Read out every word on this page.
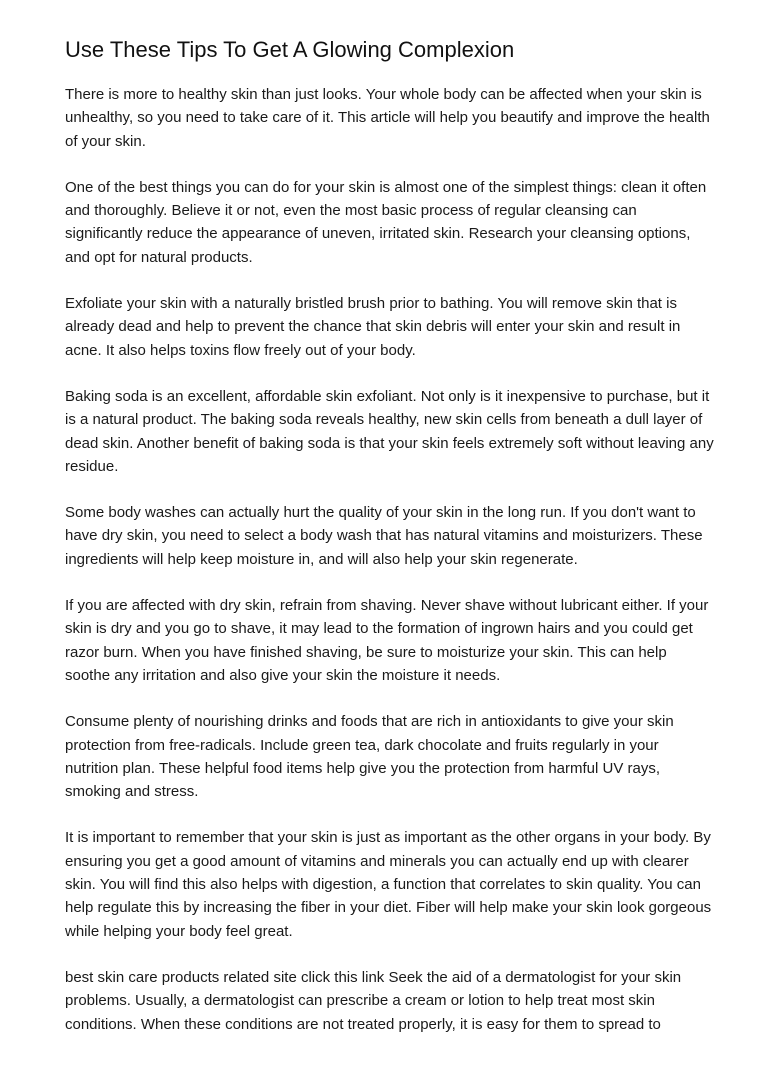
Use These Tips To Get A Glowing Complexion

There is more to healthy skin than just looks. Your whole body can be affected when your skin is unhealthy, so you need to take care of it. This article will help you beautify and improve the health of your skin.

One of the best things you can do for your skin is almost one of the simplest things: clean it often and thoroughly. Believe it or not, even the most basic process of regular cleansing can significantly reduce the appearance of uneven, irritated skin. Research your cleansing options, and opt for natural products.

Exfoliate your skin with a naturally bristled brush prior to bathing. You will remove skin that is already dead and help to prevent the chance that skin debris will enter your skin and result in acne. It also helps toxins flow freely out of your body.

Baking soda is an excellent, affordable skin exfoliant. Not only is it inexpensive to purchase, but it is a natural product. The baking soda reveals healthy, new skin cells from beneath a dull layer of dead skin. Another benefit of baking soda is that your skin feels extremely soft without leaving any residue.

Some body washes can actually hurt the quality of your skin in the long run. If you don't want to have dry skin, you need to select a body wash that has natural vitamins and moisturizers. These ingredients will help keep moisture in, and will also help your skin regenerate.

If you are affected with dry skin, refrain from shaving. Never shave without lubricant either. If your skin is dry and you go to shave, it may lead to the formation of ingrown hairs and you could get razor burn. When you have finished shaving, be sure to moisturize your skin. This can help soothe any irritation and also give your skin the moisture it needs.

Consume plenty of nourishing drinks and foods that are rich in antioxidants to give your skin protection from free-radicals. Include green tea, dark chocolate and fruits regularly in your nutrition plan. These helpful food items help give you the protection from harmful UV rays, smoking and stress.

It is important to remember that your skin is just as important as the other organs in your body. By ensuring you get a good amount of vitamins and minerals you can actually end up with clearer skin. You will find this also helps with digestion, a function that correlates to skin quality. You can help regulate this by increasing the fiber in your diet. Fiber will help make your skin look gorgeous while helping your body feel great.

best skin care products related site click this link Seek the aid of a dermatologist for your skin problems. Usually, a dermatologist can prescribe a cream or lotion to help treat most skin conditions. When these conditions are not treated properly, it is easy for them to spread to
